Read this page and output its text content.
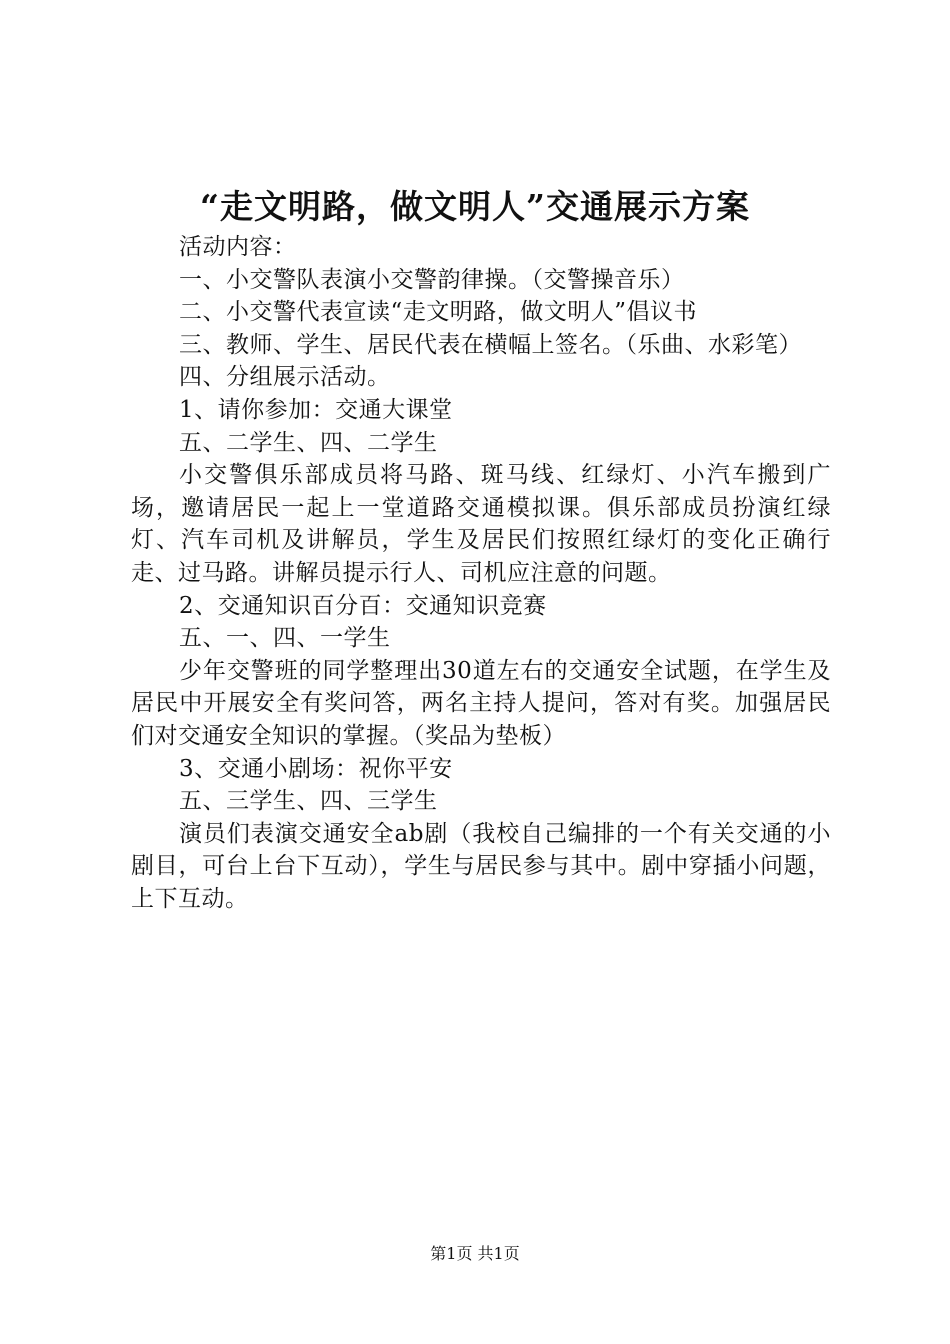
“走文明路，做文明人”交通展示方案

活动内容：

一、小交警队表演小交警韵律操。（交警操音乐）

二、小交警代表宣读“走文明路，做文明人”倡议书

三、教师、学生、居民代表在横幅上签名。（乐曲、水彩笔）

四、分组展示活动。

1、请你参加：交通大课堂

五、二学生、四、二学生

小交警俱乐部成员将马路、斑马线、红绿灯、小汽车搬到广场，邀请居民一起上一堂道路交通模拟课。俱乐部成员扮演红绿灯、汽车司机及讲解员，学生及居民们按照红绿灯的变化正确行走、过马路。讲解员提示行人、司机应注意的问题。

2、交通知识百分百：交通知识竞赛

五、一、四、一学生

少年交警班的同学整理出30道左右的交通安全试题，在学生及居民中开展安全有奖问答，两名主持人提问，答对有奖。加强居民们对交通安全知识的掌握。（奖品为垫板）

3、交通小剧场：祝你平安

五、三学生、四、三学生

演员们表演交通安全ab剧（我校自己编排的一个有关交通的小剧目，可台上台下互动），学生与居民参与其中。剧中穿插小问题，上下互动。

第1页 共1页
